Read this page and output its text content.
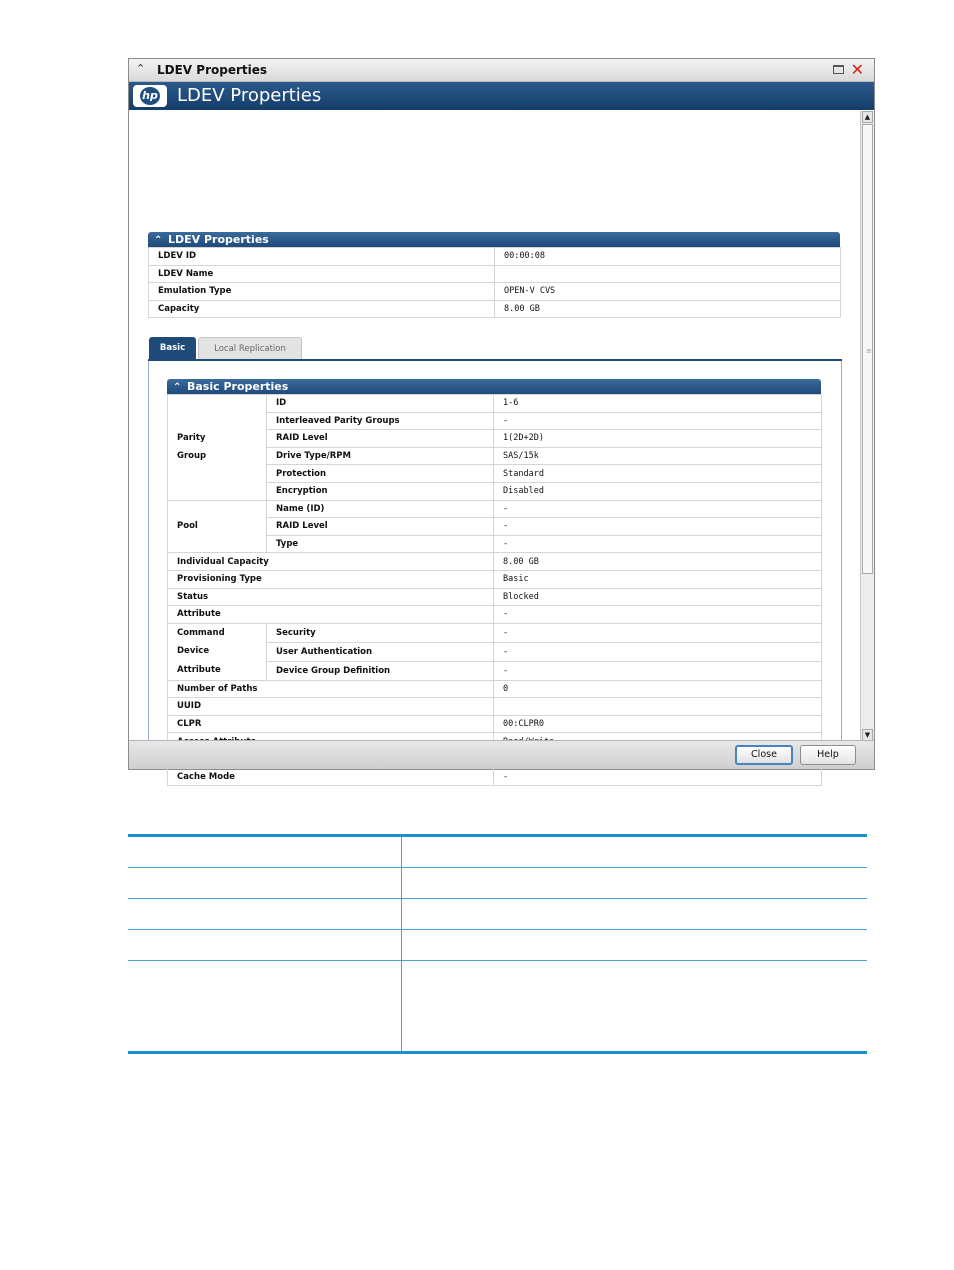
⌃ LDEV Properties	✕
hp LDEV Properties
⌃ LDEV Properties
LDEV ID	00:00:08
LDEV Name	
Emulation Type	OPEN-V CVS
Capacity	8.00 GB
Basic	Local Replication
⌃ Basic Properties
Parity
Group	ID	1-6
	Interleaved Parity Groups	-
	RAID Level	1(2D+2D)
	Drive Type/RPM	SAS/15k
	Protection	Standard
	Encryption	Disabled
Pool	Name (ID)	-
	RAID Level	-
	Type	-
Individual Capacity		8.00 GB
Provisioning Type		Basic
Status		Blocked
Attribute		-
Command
Device
Attribute	Security	-
	User Authentication	-
	Device Group Definition	-
Number of Paths		0
UUID		
CLPR		00:CLPR0

Cache Mode		-
▲
≡
▼
Close	Help
